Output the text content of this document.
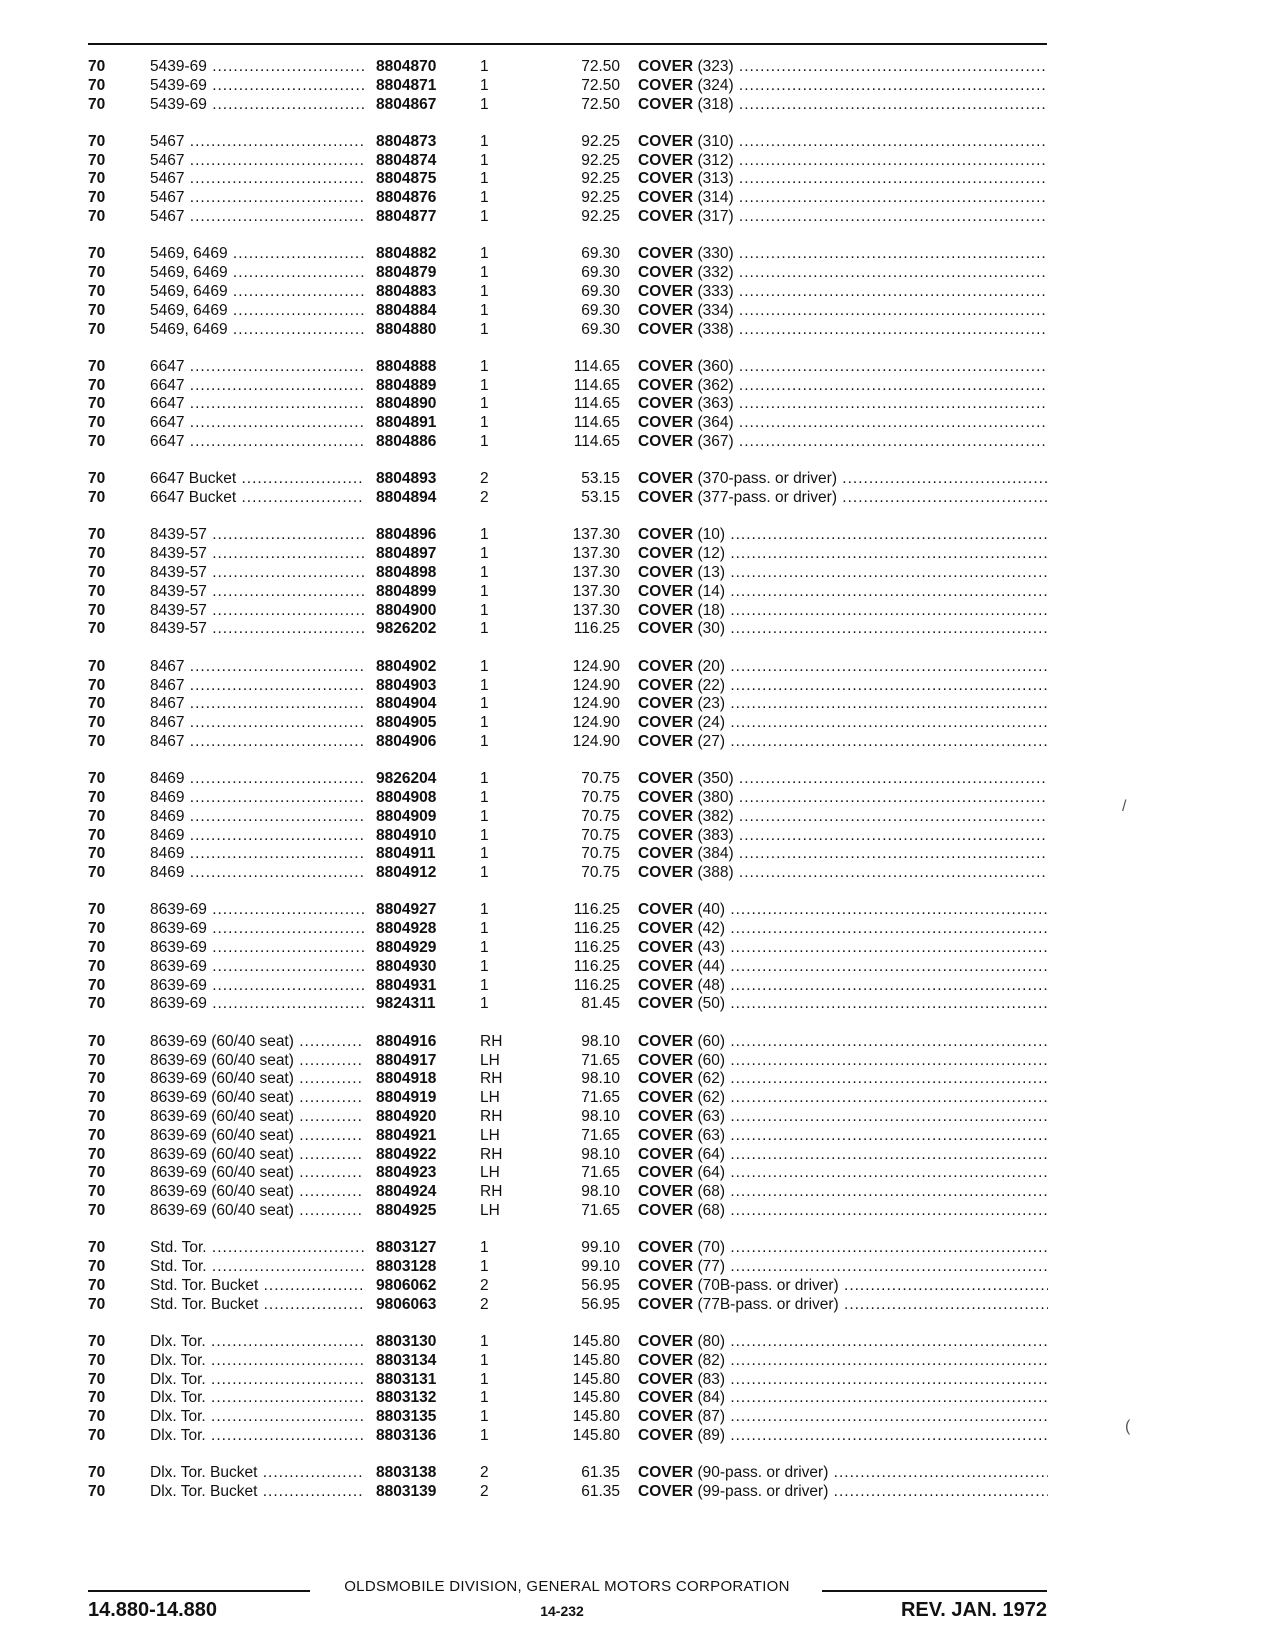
70	5439-69 .....	8804870	1	72.50 COVER (323) .....
70	5439-69 .....	8804871	1	72.50 COVER (324) .....
70	5439-69 .....	8804867	1	72.50 COVER (318) .....
70	5467 .....	8804873	1	92.25 COVER (310) .....
70	5467 .....	8804874	1	92.25 COVER (312) .....
70	5467 .....	8804875	1	92.25 COVER (313) .....
70	5467 .....	8804876	1	92.25 COVER (314) .....
70	5467 .....	8804877	1	92.25 COVER (317) .....
70	5469, 6469 .....	8804882	1	69.30 COVER (330) .....
70	5469, 6469 .....	8804879	1	69.30 COVER (332) .....
70	5469, 6469 .....	8804883	1	69.30 COVER (333) .....
70	5469, 6469 .....	8804884	1	69.30 COVER (334) .....
70	5469, 6469 .....	8804880	1	69.30 COVER (338) .....
70	6647 .....	8804888	1	114.65 COVER (360) .....
70	6647 .....	8804889	1	114.65 COVER (362) .....
70	6647 .....	8804890	1	114.65 COVER (363) .....
70	6647 .....	8804891	1	114.65 COVER (364) .....
70	6647 .....	8804886	1	114.65 COVER (367) .....
70	6647 Bucket .....	8804893	2	53.15 COVER (370-pass. or driver) .....
70	6647 Bucket .....	8804894	2	53.15 COVER (377-pass. or driver) .....
70	8439-57 .....	8804896	1	137.30 COVER (10) .....
70	8439-57 .....	8804897	1	137.30 COVER (12) .....
70	8439-57 .....	8804898	1	137.30 COVER (13) .....
70	8439-57 .....	8804899	1	137.30 COVER (14) .....
70	8439-57 .....	8804900	1	137.30 COVER (18) .....
70	8439-57 .....	9826202	1	116.25 COVER (30) .....
70	8467 .....	8804902	1	124.90 COVER (20) .....
70	8467 .....	8804903	1	124.90 COVER (22) .....
70	8467 .....	8804904	1	124.90 COVER (23) .....
70	8467 .....	8804905	1	124.90 COVER (24) .....
70	8467 .....	8804906	1	124.90 COVER (27) .....
70	8469 .....	9826204	1	70.75 COVER (350) .....
70	8469 .....	8804908	1	70.75 COVER (380) .....
70	8469 .....	8804909	1	70.75 COVER (382) .....
70	8469 .....	8804910	1	70.75 COVER (383) .....
70	8469 .....	8804911	1	70.75 COVER (384) .....
70	8469 .....	8804912	1	70.75 COVER (388) .....
70	8639-69 .....	8804927	1	116.25 COVER (40) .....
70	8639-69 .....	8804928	1	116.25 COVER (42) .....
70	8639-69 .....	8804929	1	116.25 COVER (43) .....
70	8639-69 .....	8804930	1	116.25 COVER (44) .....
70	8639-69 .....	8804931	1	116.25 COVER (48) .....
70	8639-69 .....	9824311	1	81.45 COVER (50) .....
70	8639-69 (60/40 seat) .....	8804916	RH	98.10 COVER (60) .....
70	8639-69 (60/40 seat) .....	8804917	LH	71.65 COVER (60) .....
70	8639-69 (60/40 seat) .....	8804918	RH	98.10 COVER (62) .....
70	8639-69 (60/40 seat) .....	8804919	LH	71.65 COVER (62) .....
70	8639-69 (60/40 seat) .....	8804920	RH	98.10 COVER (63) .....
70	8639-69 (60/40 seat) .....	8804921	LH	71.65 COVER (63) .....
70	8639-69 (60/40 seat) .....	8804922	RH	98.10 COVER (64) .....
70	8639-69 (60/40 seat) .....	8804923	LH	71.65 COVER (64) .....
70	8639-69 (60/40 seat) .....	8804924	RH	98.10 COVER (68) .....
70	8639-69 (60/40 seat) .....	8804925	LH	71.65 COVER (68) .....
70	Std. Tor. .....	8803127	1	99.10 COVER (70) .....
70	Std. Tor. .....	8803128	1	99.10 COVER (77) .....
70	Std. Tor. Bucket .....	9806062	2	56.95 COVER (70B-pass. or driver) .....
70	Std. Tor. Bucket .....	9806063	2	56.95 COVER (77B-pass. or driver) .....
70	Dlx. Tor. .....	8803130	1	145.80 COVER (80) .....
70	Dlx. Tor. .....	8803134	1	145.80 COVER (82) .....
70	Dlx. Tor. .....	8803131	1	145.80 COVER (83) .....
70	Dlx. Tor. .....	8803132	1	145.80 COVER (84) .....
70	Dlx. Tor. .....	8803135	1	145.80 COVER (87) .....
70	Dlx. Tor. .....	8803136	1	145.80 COVER (89) .....
70	Dlx. Tor. Bucket .....	8803138	2	61.35 COVER (90-pass. or driver) .....
70	Dlx. Tor. Bucket .....	8803139	2	61.35 COVER (99-pass. or driver) .....
OLDSMOBILE DIVISION, GENERAL MOTORS CORPORATION
14.880-14.880	14-232	REV. JAN. 1972
/
(
